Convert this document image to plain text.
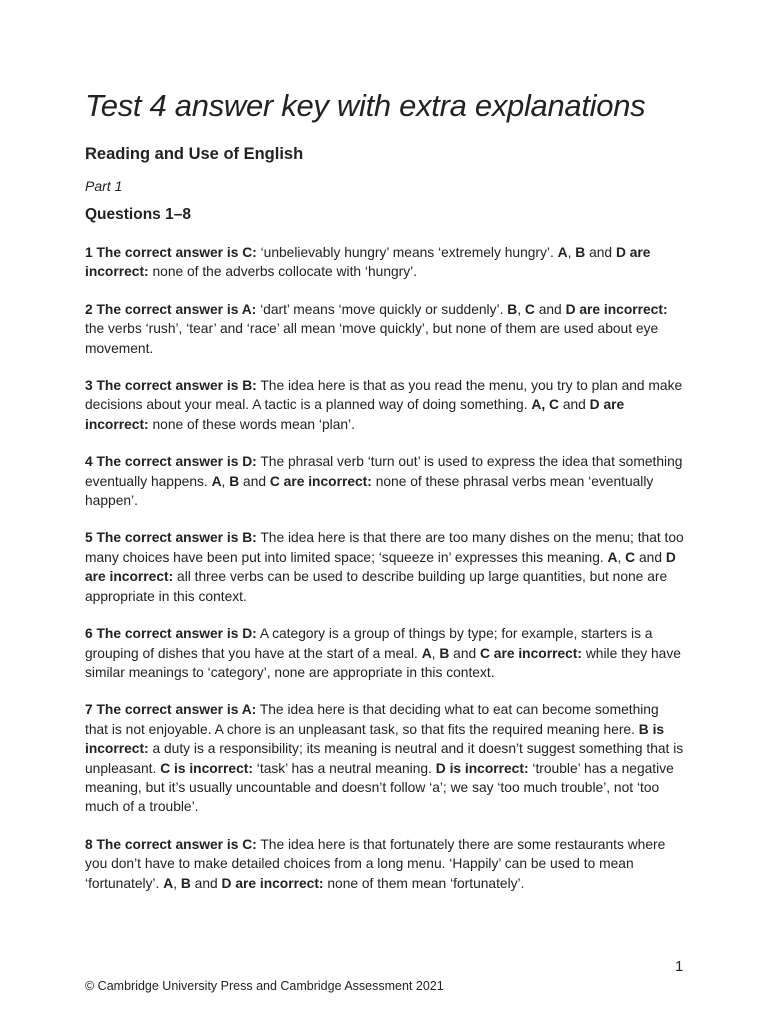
Test 4 answer key with extra explanations
Reading and Use of English

Part 1

Questions 1–8

1 The correct answer is C: ‘unbelievably hungry’ means ‘extremely hungry’. A, B and D are incorrect: none of the adverbs collocate with ‘hungry’.

2 The correct answer is A: ‘dart’ means ‘move quickly or suddenly’. B, C and D are incorrect: the verbs ‘rush’, ‘tear’ and ‘race’ all mean ‘move quickly’, but none of them are used about eye movement.

3 The correct answer is B: The idea here is that as you read the menu, you try to plan and make decisions about your meal. A tactic is a planned way of doing something. A, C and D are incorrect: none of these words mean ‘plan’.

4 The correct answer is D: The phrasal verb ‘turn out’ is used to express the idea that something eventually happens. A, B and C are incorrect: none of these phrasal verbs mean ‘eventually happen’.

5 The correct answer is B: The idea here is that there are too many dishes on the menu; that too many choices have been put into limited space; ‘squeeze in’ expresses this meaning. A, C and D are incorrect: all three verbs can be used to describe building up large quantities, but none are appropriate in this context.

6 The correct answer is D: A category is a group of things by type; for example, starters is a grouping of dishes that you have at the start of a meal. A, B and C are incorrect: while they have similar meanings to ‘category’, none are appropriate in this context.

7 The correct answer is A: The idea here is that deciding what to eat can become something that is not enjoyable. A chore is an unpleasant task, so that fits the required meaning here. B is incorrect: a duty is a responsibility; its meaning is neutral and it doesn’t suggest something that is unpleasant. C is incorrect: ‘task’ has a neutral meaning. D is incorrect: ‘trouble’ has a negative meaning, but it’s usually uncountable and doesn’t follow ‘a’; we say ‘too much trouble’, not ‘too much of a trouble’.

8 The correct answer is C: The idea here is that fortunately there are some restaurants where you don’t have to make detailed choices from a long menu. ‘Happily’ can be used to mean ‘fortunately’. A, B and D are incorrect: none of them mean ‘fortunately’.

1
© Cambridge University Press and Cambridge Assessment 2021
